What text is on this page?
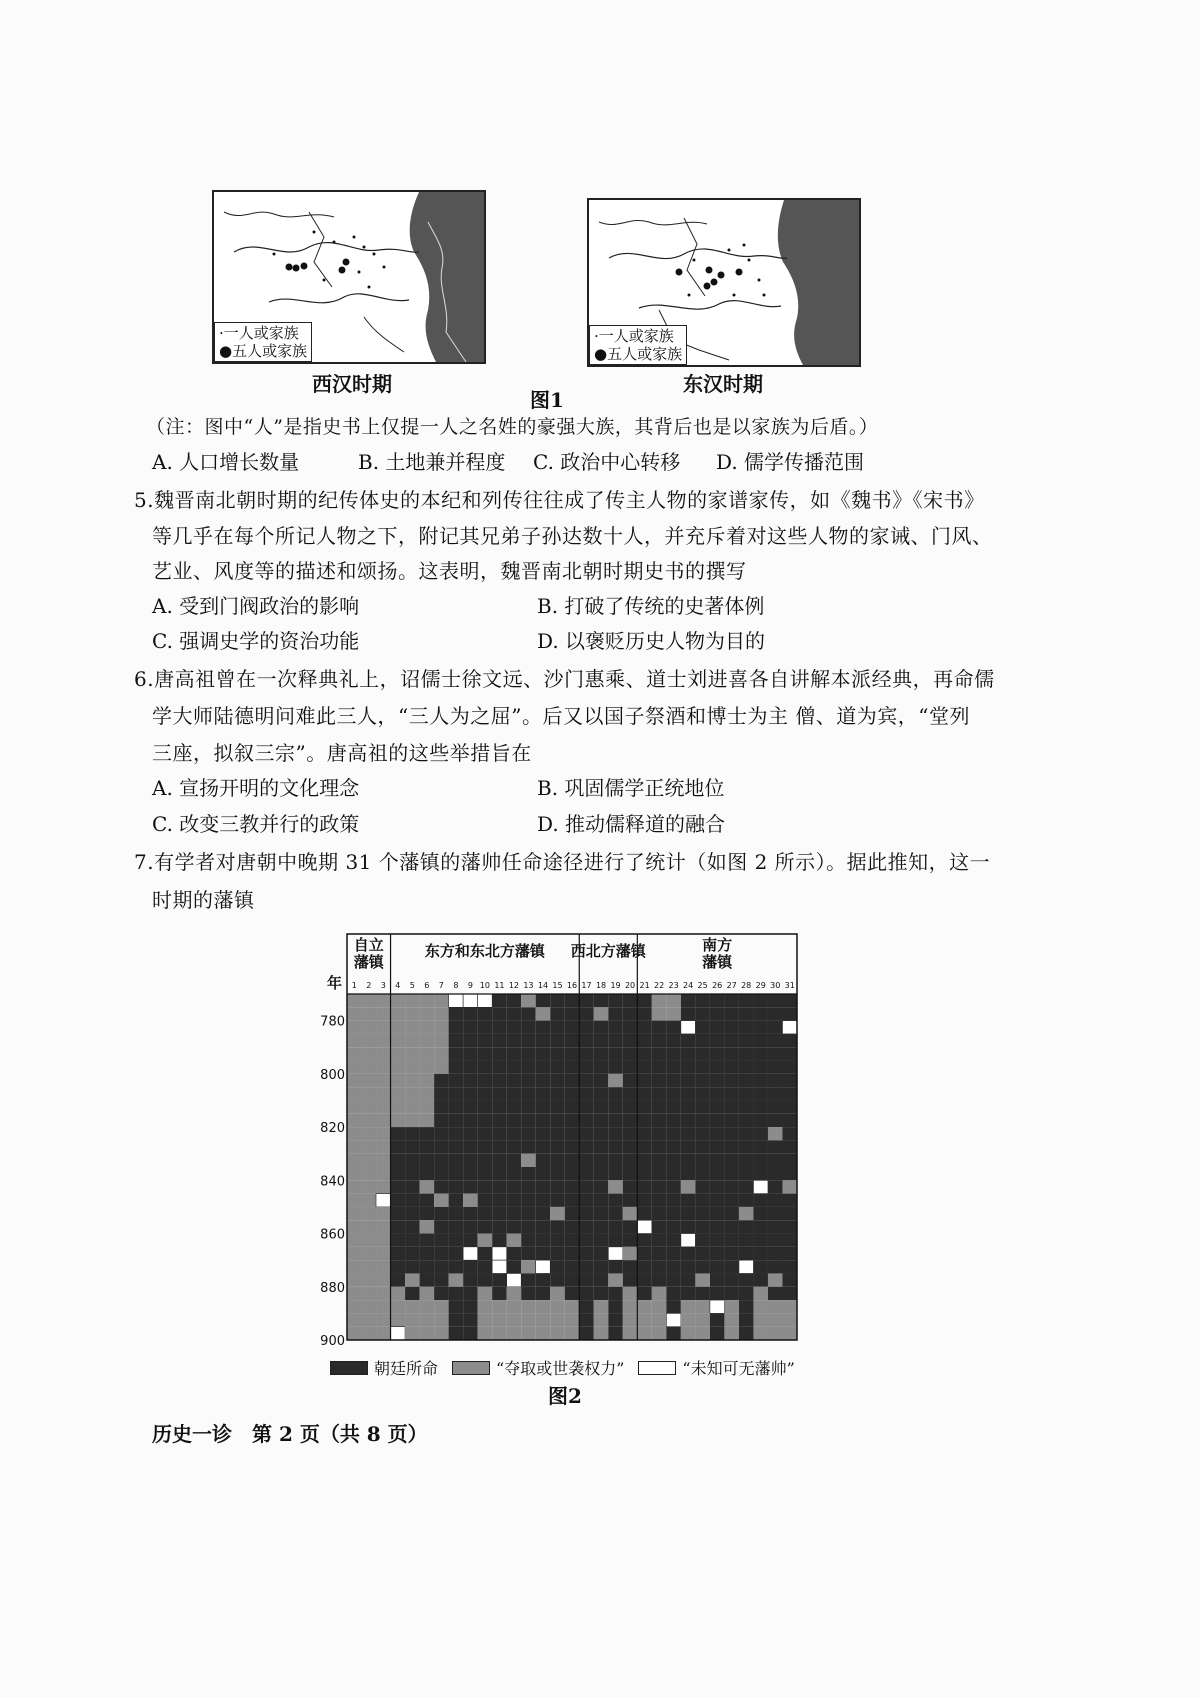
·一人或家族
●五人或家族
·一人或家族
●五人或家族
西汉时期	东汉时期
图1
（注：图中“人”是指史书上仅提一人之名姓的豪强大族，其背后也是以家族为后盾。）
A. 人口增长数量	B. 土地兼并程度 C. 政治中心转移 D. 儒学传播范围
5.魏晋南北朝时期的纪传体史的本纪和列传往往成了传主人物的家谱家传，如《魏书》《宋书》
等几乎在每个所记人物之下，附记其兄弟子孙达数十人，并充斥着对这些人物的家诫、门风、
艺业、风度等的描述和颂扬。这表明，魏晋南北朝时期史书的撰写
A. 受到门阀政治的影响	B. 打破了传统的史著体例
C. 强调史学的资治功能	D. 以褒贬历史人物为目的
6.唐高祖曾在一次释典礼上，诏儒士徐文远、沙门惠乘、道士刘进喜各自讲解本派经典，再命儒
学大师陆德明问难此三人，“三人为之屈”。后又以国子祭酒和博士为主 僧、道为宾，“堂列
三座，拟叙三宗”。唐高祖的这些举措旨在
A. 宣扬开明的文化理念	B. 巩固儒学正统地位
C. 改变三教并行的政策	D. 推动儒释道的融合
7.有学者对唐朝中晚期 31 个藩镇的藩帅任命途径进行了统计（如图 2 所示）。据此推知，这一
时期的藩镇
自立
藩镇
东方和东北方藩镇 西北方藩镇	南方
藩镇
1 2 3 4 5 6 7 8 9 10 11 12 13 14 15 16 17 18 19 20 21 22 23 24 25 26 27 28 29 30 31
年
780
800
820
840
860
880
900
朝廷所命	“夺取或世袭权力”	“未知可无藩帅”
图2
历史一诊　第 2 页（共 8 页）
